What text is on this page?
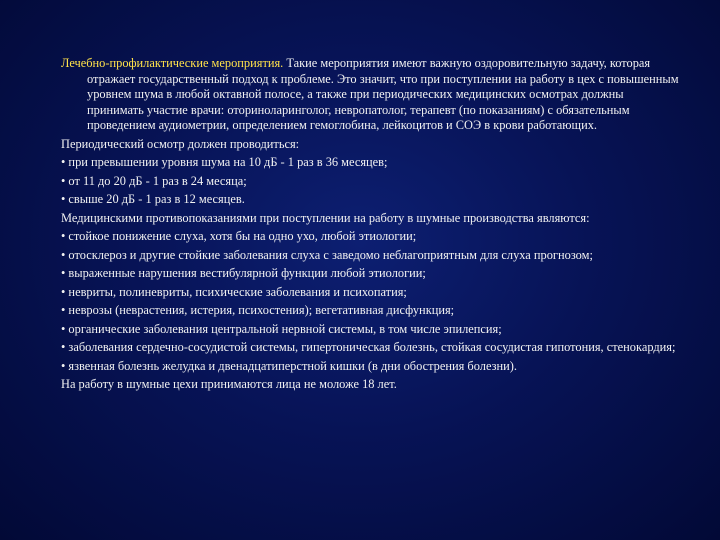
Лечебно-профилактические мероприятия. Такие мероприятия имеют важную оздоровительную задачу, которая отражает государственный подход к проблеме. Это значит, что при поступлении на работу в цех с повышенным уровнем шума в любой октавной полосе, а также при периодических медицинских осмотрах должны принимать участие врачи: оториноларинголог, невропатолог, терапевт (по показаниям) с обязательным проведением аудиометрии, определением гемоглобина, лейкоцитов и СОЭ в крови работающих.

Периодический осмотр должен проводиться:

• при превышении уровня шума на 10 дБ - 1 раз в 36 месяцев;

• от 11 до 20 дБ - 1 раз в 24 месяца;

• свыше 20 дБ - 1 раз в 12 месяцев.

Медицинскими противопоказаниями при поступлении на работу в шумные производства являются:

• стойкое понижение слуха, хотя бы на одно ухо, любой этиологии;

• отосклероз и другие стойкие заболевания слуха с заведомо неблагоприятным для слуха прогнозом;

• выраженные нарушения вестибулярной функции любой этиологии;

• невриты, полиневриты, психические заболевания и психопатия;

• неврозы (неврастения, истерия, психостения); вегетативная дисфункция;

• органические заболевания центральной нервной системы, в том числе эпилепсия;

• заболевания сердечно-сосудистой системы, гипертоническая болезнь, стойкая сосудистая гипотония, стенокардия;

• язвенная болезнь желудка и двенадцатиперстной кишки (в дни обострения болезни).

На работу в шумные цехи принимаются лица не моложе 18 лет.
